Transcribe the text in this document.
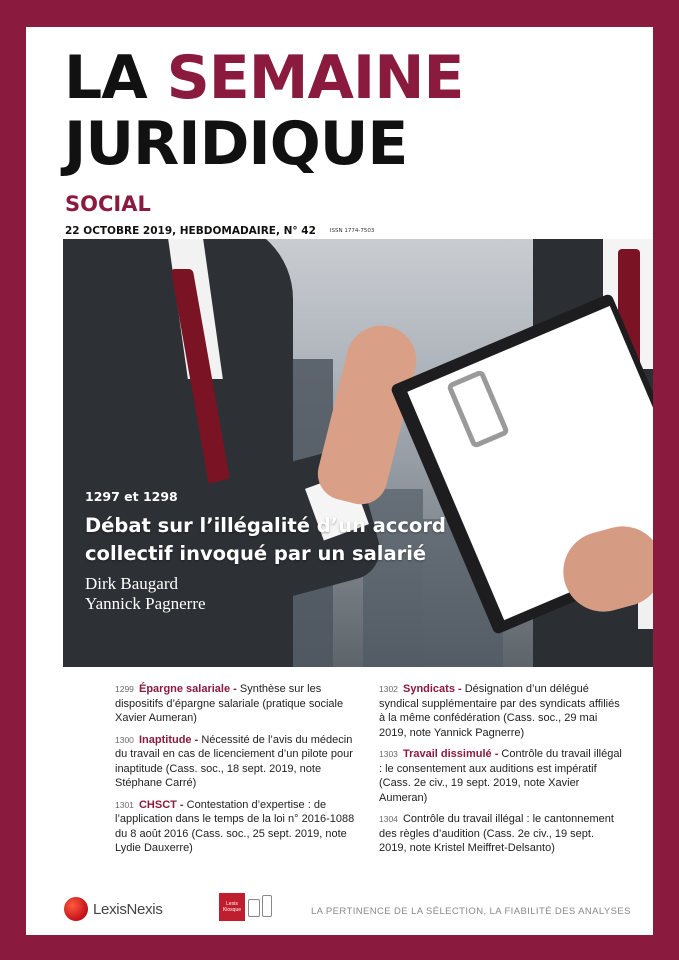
LA SEMAINE
JURIDIQUE
SOCIAL
22 OCTOBRE 2019, HEBDOMADAIRE, N° 42	ISSN 1774-7503
1297 et 1298
Débat sur l’illégalité d’un accord
collectif invoqué par un salarié
Dirk Baugard
Yannick Pagnerre
1299 Épargne salariale - Synthèse sur les dispositifs d’épargne salariale (pratique sociale Xavier Aumeran)
1300 Inaptitude - Nécessité de l’avis du médecin du travail en cas de licenciement d’un pilote pour inaptitude (Cass. soc., 18 sept. 2019, note Stéphane Carré)
1301 CHSCT - Contestation d’expertise : de l’application dans le temps de la loi n° 2016-1088 du 8 août 2016 (Cass. soc., 25 sept. 2019, note Lydie Dauxerre)
1302 Syndicats - Désignation d’un délégué syndical supplémentaire par des syndicats affiliés à la même confédération (Cass. soc., 29 mai 2019, note Yannick Pagnerre)
1303 Travail dissimulé - Contrôle du travail illégal : le consentement aux auditions est impératif (Cass. 2e civ., 19 sept. 2019, note Xavier Aumeran)
1304 Contrôle du travail illégal : le cantonnement des règles d’audition (Cass. 2e civ., 19 sept. 2019, note Kristel Meiffret-Delsanto)
LexisNexis	Lexis Kiosque	LA PERTINENCE DE LA SÉLECTION, LA FIABILITÉ DES ANALYSES
